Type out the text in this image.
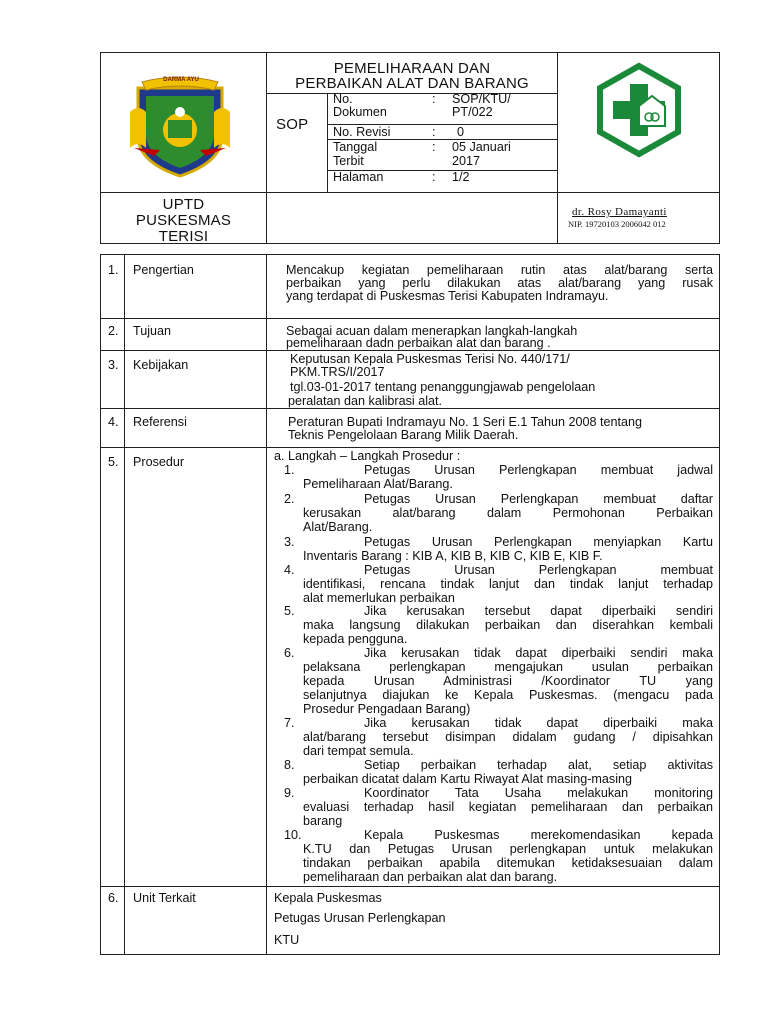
DARMA AYU
PEMELIHARAAN DAN
PERBAIKAN ALAT DAN BARANG
SOP
No.
Dokumen
: SOP/KTU/
PT/022
No. Revisi	: 0
Tanggal
Terbit
: 05 Januari
2017
Halaman	: 1/2
UPTD
PUSKESMAS
TERISI
dr. Rosy Damayanti
NIP. 19720103 2006042 012
1. Pengertian	Mencakup kegiatan pemeliharaan rutin atas alat/barang serta
perbaikan yang perlu dilakukan atas alat/barang yang rusak
yang terdapat di Puskesmas Terisi Kabupaten Indramayu.
2. Tujuan	Sebagai acuan dalam menerapkan langkah-langkah
pemeliharaan dadn perbaikan alat dan barang .
3. Kebijakan	Keputusan Kepala Puskesmas Terisi No. 440/171/
PKM.TRS/I/2017
tgl.03-01-2017 tentang penanggungjawab pengelolaan
peralatan dan kalibrasi alat.
4. Referensi	Peraturan Bupati Indramayu No. 1 Seri E.1 Tahun 2008 tentang
Teknis Pengelolaan Barang Milik Daerah.
5. Prosedur	a. Langkah – Langkah Prosedur :
1.	Petugas Urusan Perlengkapan membuat jadwal
Pemeliharaan Alat/Barang.
2.	Petugas Urusan Perlengkapan membuat daftar
kerusakan alat/barang dalam Permohonan Perbaikan
Alat/Barang.
3.	Petugas Urusan Perlengkapan menyiapkan Kartu
Inventaris Barang : KIB A, KIB B, KIB C, KIB E, KIB F.
4.	Petugas Urusan Perlengkapan membuat
identifikasi, rencana tindak lanjut dan tindak lanjut terhadap
alat memerlukan perbaikan
5.	Jika kerusakan tersebut dapat diperbaiki sendiri
maka langsung dilakukan perbaikan dan diserahkan kembali
kepada pengguna.
6.	Jika kerusakan tidak dapat diperbaiki sendiri maka
pelaksana perlengkapan mengajukan usulan perbaikan
kepada Urusan Administrasi /Koordinator TU yang
selanjutnya diajukan ke Kepala Puskesmas. (mengacu pada
Prosedur Pengadaan Barang)
7.	Jika kerusakan tidak dapat diperbaiki maka
alat/barang tersebut disimpan didalam gudang / dipisahkan
dari tempat semula.
8.	Setiap perbaikan terhadap alat, setiap aktivitas
perbaikan dicatat dalam Kartu Riwayat Alat masing-masing
9.	Koordinator Tata Usaha melakukan monitoring
evaluasi terhadap hasil kegiatan pemeliharaan dan perbaikan
barang
10.	Kepala Puskesmas merekomendasikan kepada
K.TU dan Petugas Urusan perlengkapan untuk melakukan
tindakan perbaikan apabila ditemukan ketidaksesuaian dalam
pemeliharaan dan perbaikan alat dan barang.
6. Unit Terkait	Kepala Puskesmas
Petugas Urusan Perlengkapan
KTU
